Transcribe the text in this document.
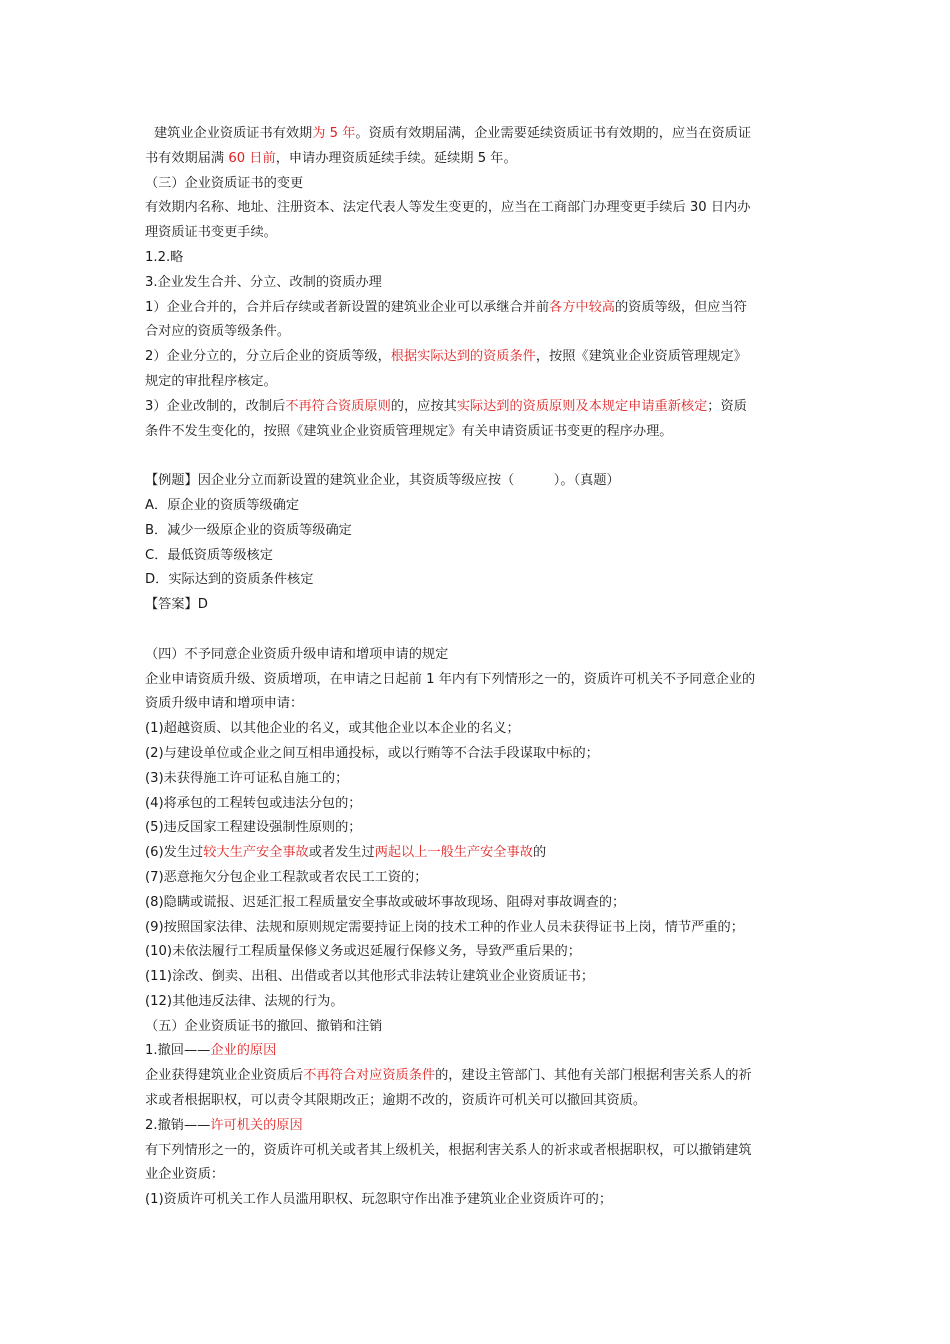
建筑业企业资质证书有效期为 5 年。资质有效期届满，企业需要延续资质证书有效期的，应当在资质证
书有效期届满 60 日前，申请办理资质延续手续。延续期 5 年。
（三）企业资质证书的变更
有效期内名称、地址、注册资本、法定代表人等发生变更的，应当在工商部门办理变更手续后 30 日内办
理资质证书变更手续。
1.2.略
3.企业发生合并、分立、改制的资质办理
1）企业合并的，合并后存续或者新设置的建筑业企业可以承继合并前各方中较高的资质等级，但应当符
合对应的资质等级条件。
2）企业分立的，分立后企业的资质等级，根据实际达到的资质条件，按照《建筑业企业资质管理规定》
规定的审批程序核定。
3）企业改制的，改制后不再符合资质原则的，应按其实际达到的资质原则及本规定申请重新核定；资质
条件不发生变化的，按照《建筑业企业资质管理规定》有关申请资质证书变更的程序办理。
【例题】因企业分立而新设置的建筑业企业，其资质等级应按（　　　）。（真题）
A．原企业的资质等级确定
B．减少一级原企业的资质等级确定
C．最低资质等级核定
D．实际达到的资质条件核定
【答案】D
（四）不予同意企业资质升级申请和增项申请的规定
企业申请资质升级、资质增项，在申请之日起前 1 年内有下列情形之一的，资质许可机关不予同意企业的
资质升级申请和增项申请：
(1)超越资质、以其他企业的名义，或其他企业以本企业的名义；
(2)与建设单位或企业之间互相串通投标，或以行贿等不合法手段谋取中标的；
(3)未获得施工许可证私自施工的；
(4)将承包的工程转包或违法分包的；
(5)违反国家工程建设强制性原则的；
(6)发生过较大生产安全事故或者发生过两起以上一般生产安全事故的
(7)恶意拖欠分包企业工程款或者农民工工资的；
(8)隐瞒或谎报、迟延汇报工程质量安全事故或破坏事故现场、阻碍对事故调查的；
(9)按照国家法律、法规和原则规定需要持证上岗的技术工种的作业人员未获得证书上岗，情节严重的；
(10)未依法履行工程质量保修义务或迟延履行保修义务，导致严重后果的；
(11)涂改、倒卖、出租、出借或者以其他形式非法转让建筑业企业资质证书；
(12)其他违反法律、法规的行为。
（五）企业资质证书的撤回、撤销和注销
1.撤回——企业的原因
企业获得建筑业企业资质后不再符合对应资质条件的，建设主管部门、其他有关部门根据利害关系人的祈
求或者根据职权，可以责令其限期改正；逾期不改的，资质许可机关可以撤回其资质。
2.撤销——许可机关的原因
有下列情形之一的，资质许可机关或者其上级机关，根据利害关系人的祈求或者根据职权，可以撤销建筑
业企业资质：
(1)资质许可机关工作人员滥用职权、玩忽职守作出准予建筑业企业资质许可的；
